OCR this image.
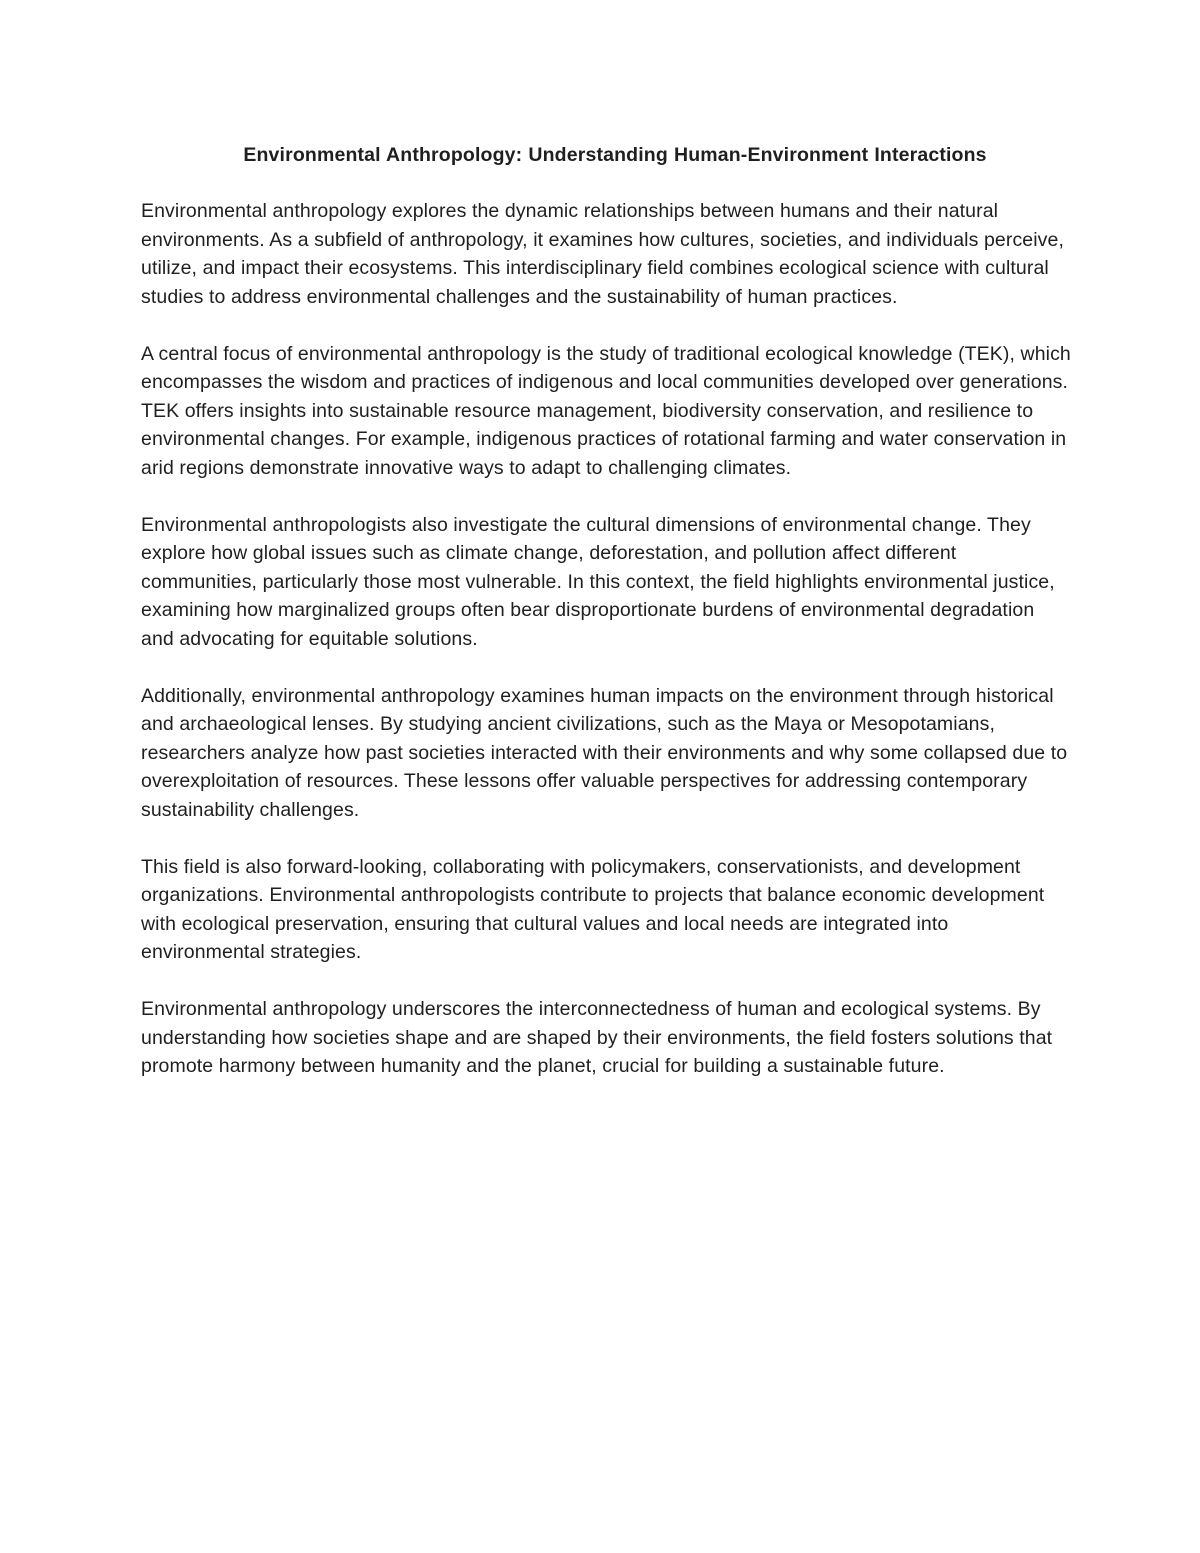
Environmental Anthropology: Understanding Human-Environment Interactions

Environmental anthropology explores the dynamic relationships between humans and their natural environments. As a subfield of anthropology, it examines how cultures, societies, and individuals perceive, utilize, and impact their ecosystems. This interdisciplinary field combines ecological science with cultural studies to address environmental challenges and the sustainability of human practices.

A central focus of environmental anthropology is the study of traditional ecological knowledge (TEK), which encompasses the wisdom and practices of indigenous and local communities developed over generations. TEK offers insights into sustainable resource management, biodiversity conservation, and resilience to environmental changes. For example, indigenous practices of rotational farming and water conservation in arid regions demonstrate innovative ways to adapt to challenging climates.

Environmental anthropologists also investigate the cultural dimensions of environmental change. They explore how global issues such as climate change, deforestation, and pollution affect different communities, particularly those most vulnerable. In this context, the field highlights environmental justice, examining how marginalized groups often bear disproportionate burdens of environmental degradation and advocating for equitable solutions.

Additionally, environmental anthropology examines human impacts on the environment through historical and archaeological lenses. By studying ancient civilizations, such as the Maya or Mesopotamians, researchers analyze how past societies interacted with their environments and why some collapsed due to overexploitation of resources. These lessons offer valuable perspectives for addressing contemporary sustainability challenges.

This field is also forward-looking, collaborating with policymakers, conservationists, and development organizations. Environmental anthropologists contribute to projects that balance economic development with ecological preservation, ensuring that cultural values and local needs are integrated into environmental strategies.

Environmental anthropology underscores the interconnectedness of human and ecological systems. By understanding how societies shape and are shaped by their environments, the field fosters solutions that promote harmony between humanity and the planet, crucial for building a sustainable future.
